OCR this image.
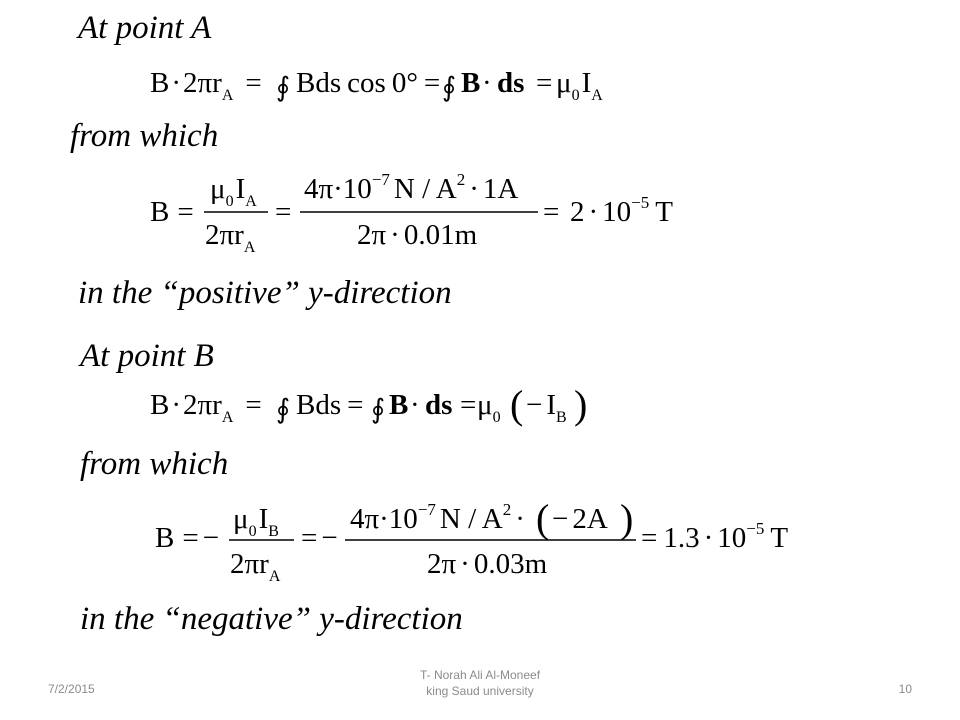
At point A
from which
in the “positive” y-direction
At point B
from which
in the “negative” y-direction
$B\cdot 2\pi r_A$ = ∮ Bds cos 0° = ∮ B · ds = $\mu_0I_A$
B =
$\mu_0I_A$
$2\pi r_A$
=
$4\pi\cdot 10^{-7}$ $N / A^2 \cdot 1A$
2π · 0.01m
= $2 \cdot 10^{-5}$ T
$B\cdot 2\pi r_A$ = ∮ Bds = ∮ B · ds = $\mu_0$ ( − $I_B$ )
B = −
$\mu_0I_B$
$2\pi r_A$
= −
$4\pi\cdot 10^{-7}$ N / $A^2$ · ( − 2A )
2π · 0.03m
= $1.3 \cdot 10^{-5}$ T
7/2/2015
T- Norah Ali Al-Moneef
king Saud university	10
